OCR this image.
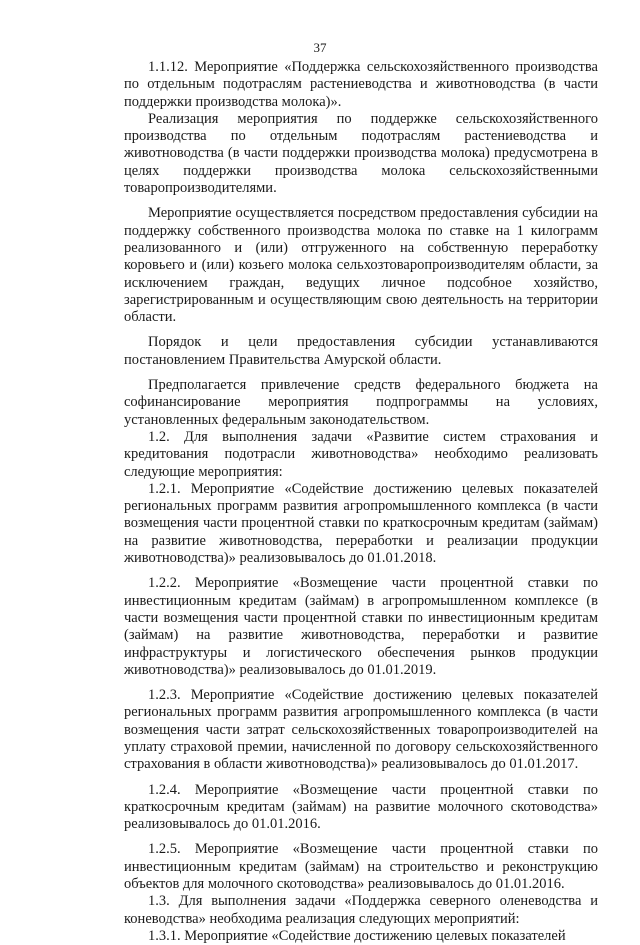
37

1.1.12. Мероприятие «Поддержка сельскохозяйственного производства по отдельным подотраслям растениеводства и животноводства (в части поддержки производства молока)».

Реализация мероприятия по поддержке сельскохозяйственного производства по отдельным подотраслям растениеводства и животноводства (в части поддержки производства молока) предусмотрена в целях поддержки производства молока сельскохозяйственными товаропроизводителями.

Мероприятие осуществляется посредством предоставления субсидии на поддержку собственного производства молока по ставке на 1 килограмм реализованного и (или) отгруженного на собственную переработку коровьего и (или) козьего молока сельхозтоваропроизводителям области, за исключением граждан, ведущих личное подсобное хозяйство, зарегистрированным и осуществляющим свою деятельность на территории области.

Порядок и цели предоставления субсидии устанавливаются постановлением Правительства Амурской области.

Предполагается привлечение средств федерального бюджета на софинансирование мероприятия подпрограммы на условиях, установленных федеральным законодательством.

1.2. Для выполнения задачи «Развитие систем страхования и кредитования подотрасли животноводства» необходимо реализовать следующие мероприятия:

1.2.1. Мероприятие «Содействие достижению целевых показателей региональных программ развития агропромышленного комплекса (в части возмещения части процентной ставки по краткосрочным кредитам (займам) на развитие животноводства, переработки и реализации продукции животноводства)» реализовывалось до 01.01.2018.

1.2.2. Мероприятие «Возмещение части процентной ставки по инвестиционным кредитам (займам) в агропромышленном комплексе (в части возмещения части процентной ставки по инвестиционным кредитам (займам) на развитие животноводства, переработки и развитие инфраструктуры и логистического обеспечения рынков продукции животноводства)» реализовывалось до 01.01.2019.

1.2.3. Мероприятие «Содействие достижению целевых показателей региональных программ развития агропромышленного комплекса (в части возмещения части затрат сельскохозяйственных товаропроизводителей на уплату страховой премии, начисленной по договору сельскохозяйственного страхования в области животноводства)» реализовывалось до 01.01.2017.

1.2.4. Мероприятие «Возмещение части процентной ставки по краткосрочным кредитам (займам) на развитие молочного скотоводства» реализовывалось до 01.01.2016.

1.2.5. Мероприятие «Возмещение части процентной ставки по инвестиционным кредитам (займам) на строительство и реконструкцию объектов для молочного скотоводства» реализовывалось до 01.01.2016.

1.3. Для выполнения задачи «Поддержка северного оленеводства и коневодства» необходима реализация следующих мероприятий:

1.3.1. Мероприятие «Содействие достижению целевых показателей
